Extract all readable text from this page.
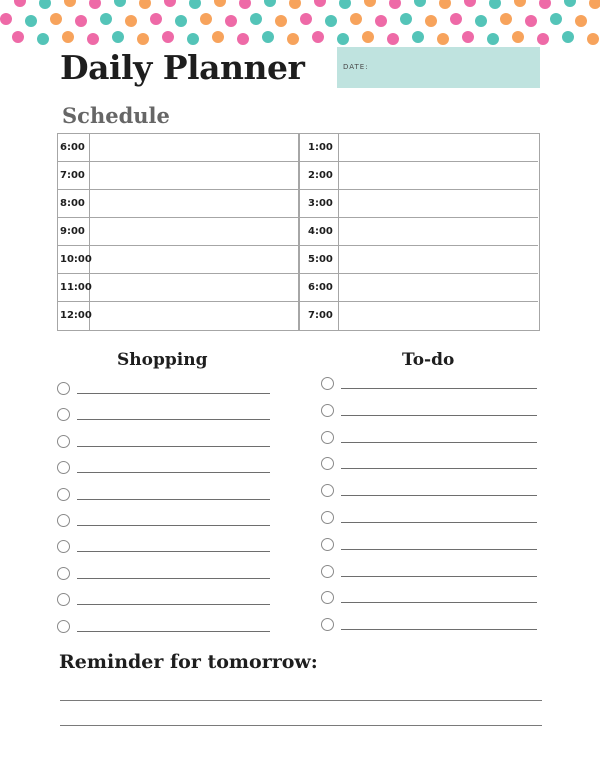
Daily Planner	DATE:
Schedule
6:00
7:00
8:00
9:00
10:00
11:00
12:00
1:00
2:00
3:00
4:00
5:00
6:00
7:00
Shopping	To-do
Reminder for tomorrow:
